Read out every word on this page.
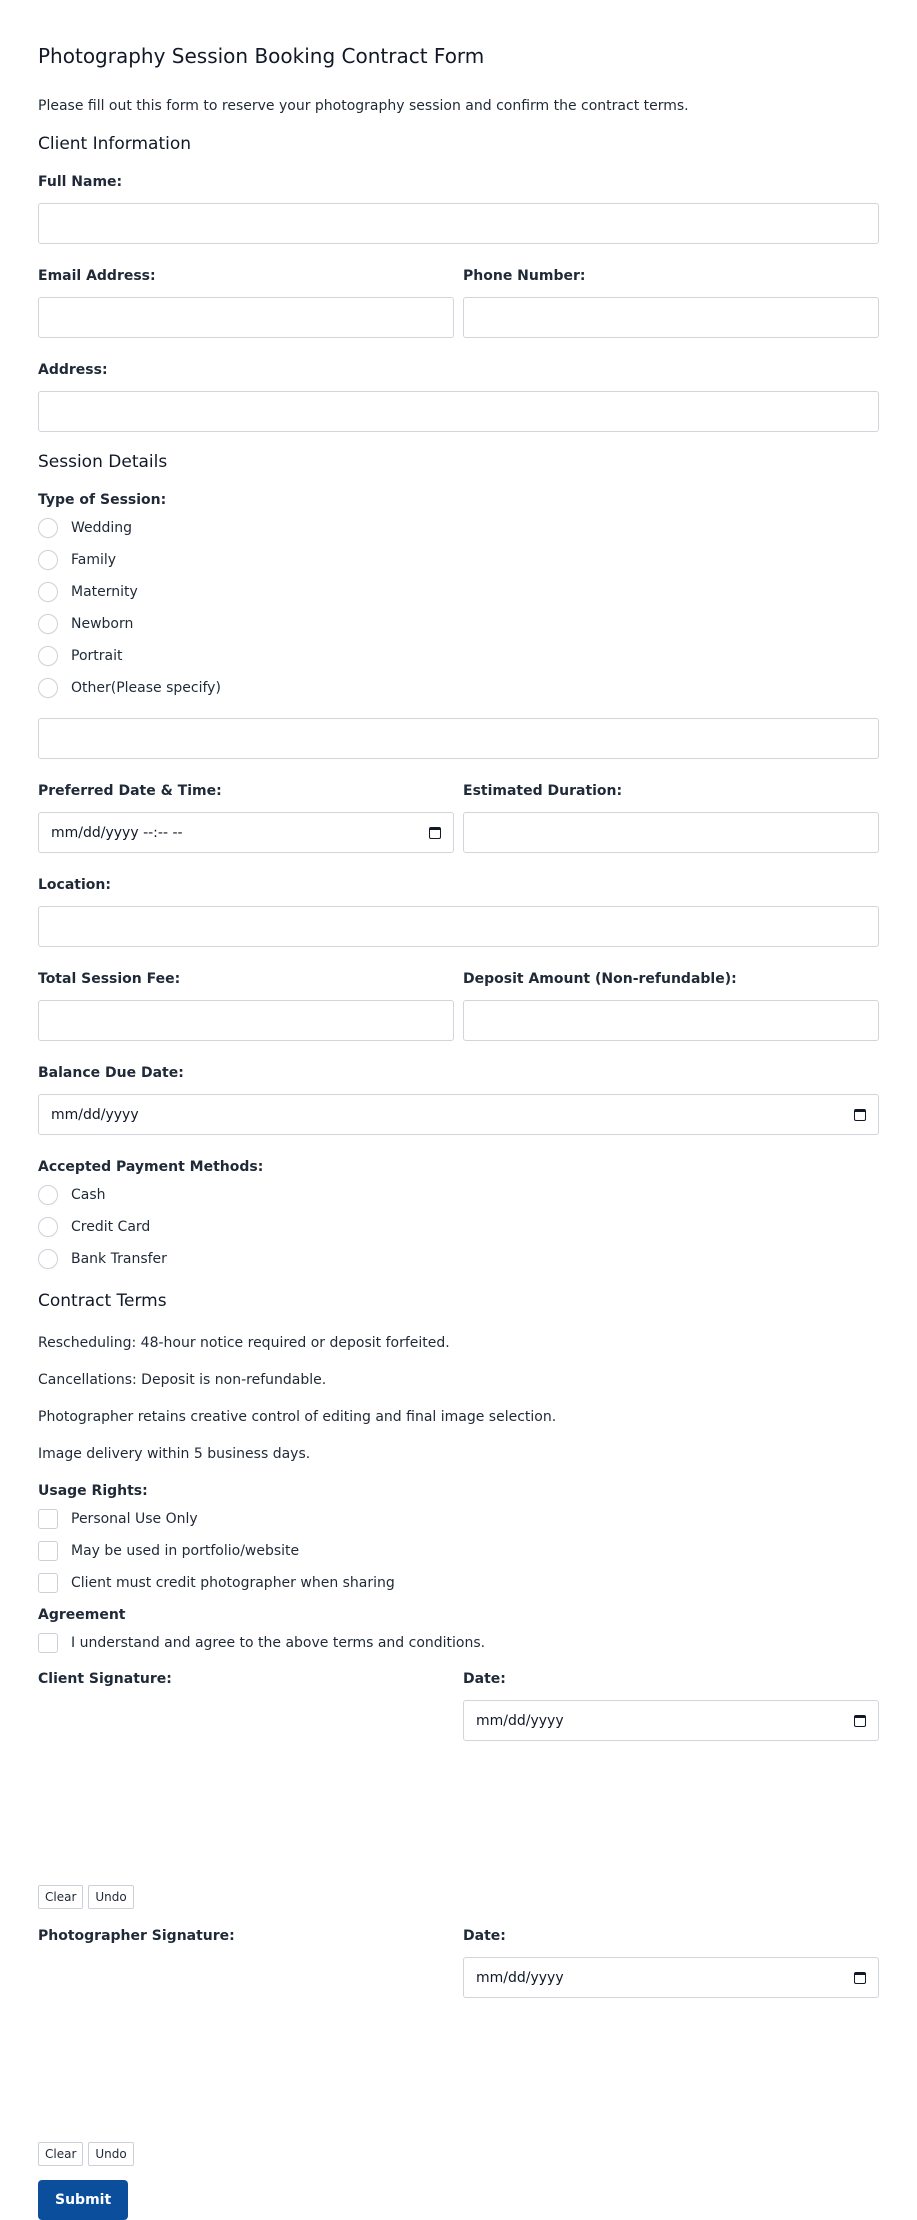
Photography Session Booking Contract Form
Please fill out this form to reserve your photography session and confirm the contract terms.
Client Information
Full Name:
Email Address:	Phone Number:
Address:
Session Details
Type of Session:
Wedding
Family
Maternity
Newborn
Portrait
Other(Please specify)
Preferred Date & Time:
mm/dd/yyyy --:-- --
Estimated Duration:
Location:
Total Session Fee:	Deposit Amount (Non-refundable):
Balance Due Date:
mm/dd/yyyy
Accepted Payment Methods:
Cash
Credit Card
Bank Transfer
Contract Terms
Rescheduling: 48-hour notice required or deposit forfeited.
Cancellations: Deposit is non-refundable.
Photographer retains creative control of editing and final image selection.
Image delivery within 5 business days.
Usage Rights:
Personal Use Only
May be used in portfolio/website
Client must credit photographer when sharing
Agreement
I understand and agree to the above terms and conditions.
Client Signature:	Date:
mm/dd/yyyy
Clear	Undo
Photographer Signature:	Date:
mm/dd/yyyy
Clear	Undo
Submit
